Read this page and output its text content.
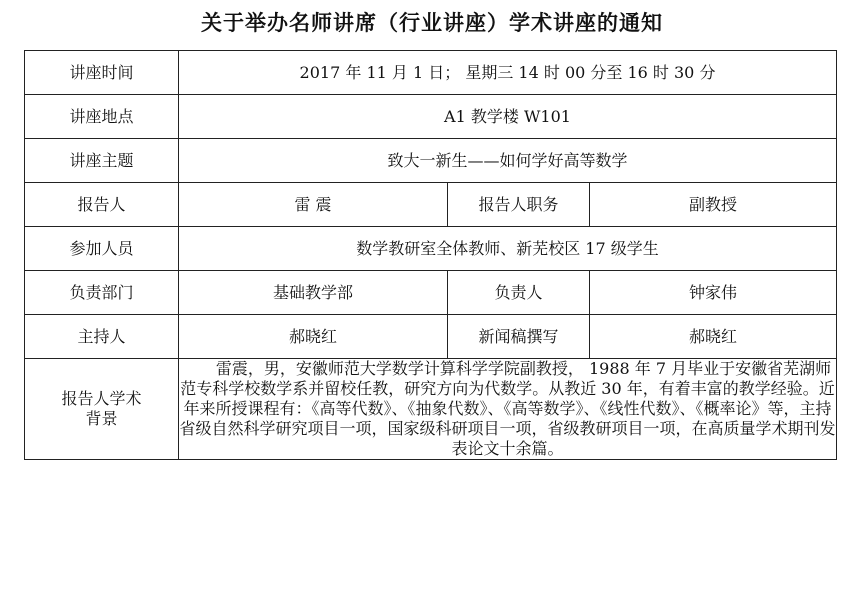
关于举办名师讲席（行业讲座）学术讲座的通知
讲座时间	2017 年 11 月 1 日； 星期三 14 时 00 分至 16 时 30 分		
讲座地点	A1 教学楼 W101		
讲座主题	致大一新生——如何学好高等数学		
报告人	雷 震	报告人职务	副教授
参加人员	数学教研室全体教师、新芜校区 17 级学生		
负责部门	基础教学部	负责人	钟家伟
主持人	郝晓红	新闻稿撰写	郝晓红

报告人学术
背景	雷震，男，安徽师范大学数学计算科学学院副教授， 1988 年 7 月毕业于安徽省芜湖师范专科学校数学系并留校任教，研究方向为代数学。从教近 30 年，有着丰富的教学经验。近年来所授课程有：《高等代数》、《抽象代数》、《高等数学》、《线性代数》、《概率论》等，主持省级自然科学研究项目一项，国家级科研项目一项，省级教研项目一项，在高质量学术期刊发表论文十余篇。		
